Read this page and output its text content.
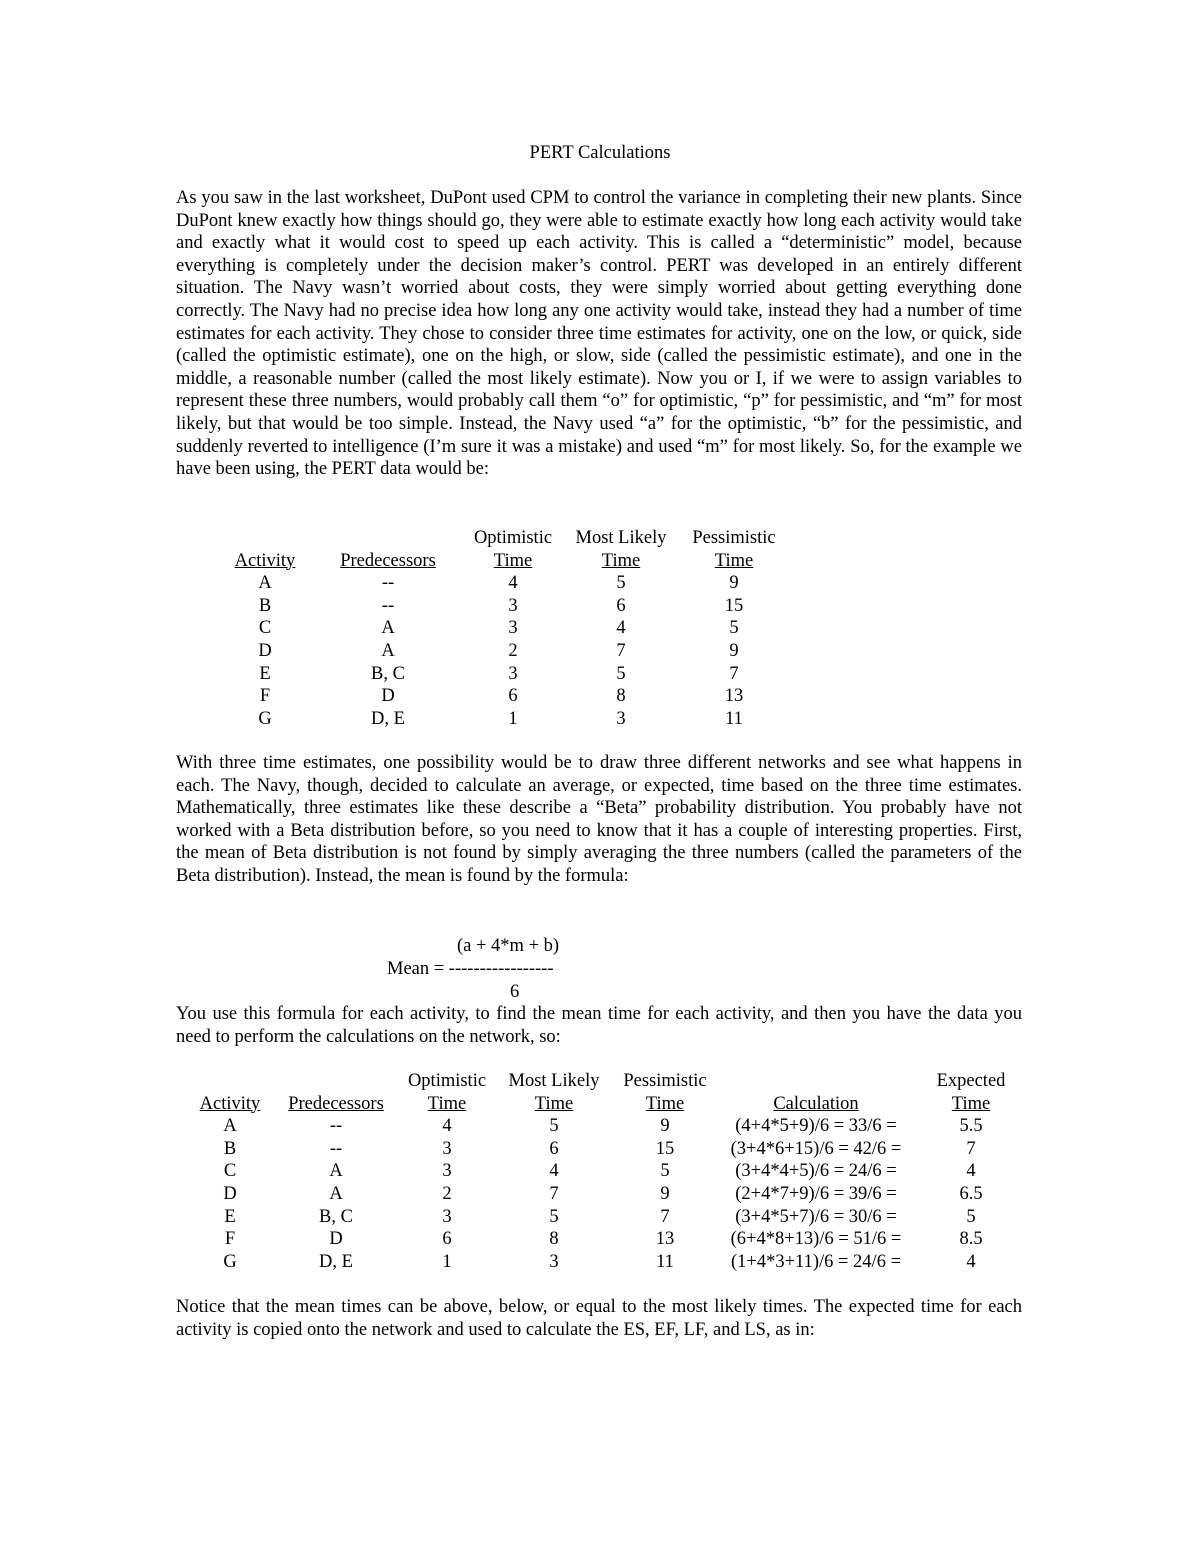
PERT Calculations

As you saw in the last worksheet, DuPont used CPM to control the variance in completing their new plants. Since DuPont knew exactly how things should go, they were able to estimate exactly how long each activity would take and exactly what it would cost to speed up each activity. This is called a “deterministic” model, because everything is completely under the decision maker’s control. PERT was developed in an entirely different situation. The Navy wasn’t worried about costs, they were simply worried about getting everything done correctly. The Navy had no precise idea how long any one activity would take, instead they had a number of time estimates for each activity. They chose to consider three time estimates for activity, one on the low, or quick, side (called the optimistic estimate), one on the high, or slow, side (called the pessimistic estimate), and one in the middle, a reasonable number (called the most likely estimate). Now you or I, if we were to assign variables to represent these three numbers, would probably call them “o” for optimistic, “p” for pessimistic, and “m” for most likely, but that would be too simple. Instead, the Navy used “a” for the optimistic, “b” for the pessimistic, and suddenly reverted to intelligence (I’m sure it was a mistake) and used “m” for most likely. So, for the example we have been using, the PERT data would be:

		Optimistic	Most Likely	Pessimistic
Activity	Predecessors	Time	Time	Time
A	--	4	5	9
B	--	3	6	15
C	A	3	4	5
D	A	2	7	9
E	B, C	3	5	7
F	D	6	8	13
G	D, E	1	3	11

With three time estimates, one possibility would be to draw three different networks and see what happens in each. The Navy, though, decided to calculate an average, or expected, time based on the three time estimates. Mathematically, three estimates like these describe a “Beta” probability distribution. You probably have not worked with a Beta distribution before, so you need to know that it has a couple of interesting properties. First, the mean of Beta distribution is not found by simply averaging the three numbers (called the parameters of the Beta distribution). Instead, the mean is found by the formula:

(a + 4*m + b)
Mean = -----------------
6

You use this formula for each activity, to find the mean time for each activity, and then you have the data you need to perform the calculations on the network, so:

		Optimistic	Most Likely	Pessimistic		Expected
Activity	Predecessors	Time	Time	Time	Calculation	Time
A	--	4	5	9	(4+4*5+9)/6 = 33/6 =	5.5
B	--	3	6	15	(3+4*6+15)/6 = 42/6 =	7
C	A	3	4	5	(3+4*4+5)/6 = 24/6 =	4
D	A	2	7	9	(2+4*7+9)/6 = 39/6 =	6.5
E	B, C	3	5	7	(3+4*5+7)/6 = 30/6 =	5
F	D	6	8	13	(6+4*8+13)/6 = 51/6 =	8.5
G	D, E	1	3	11	(1+4*3+11)/6 = 24/6 =	4

Notice that the mean times can be above, below, or equal to the most likely times. The expected time for each activity is copied onto the network and used to calculate the ES, EF, LF, and LS, as in:
